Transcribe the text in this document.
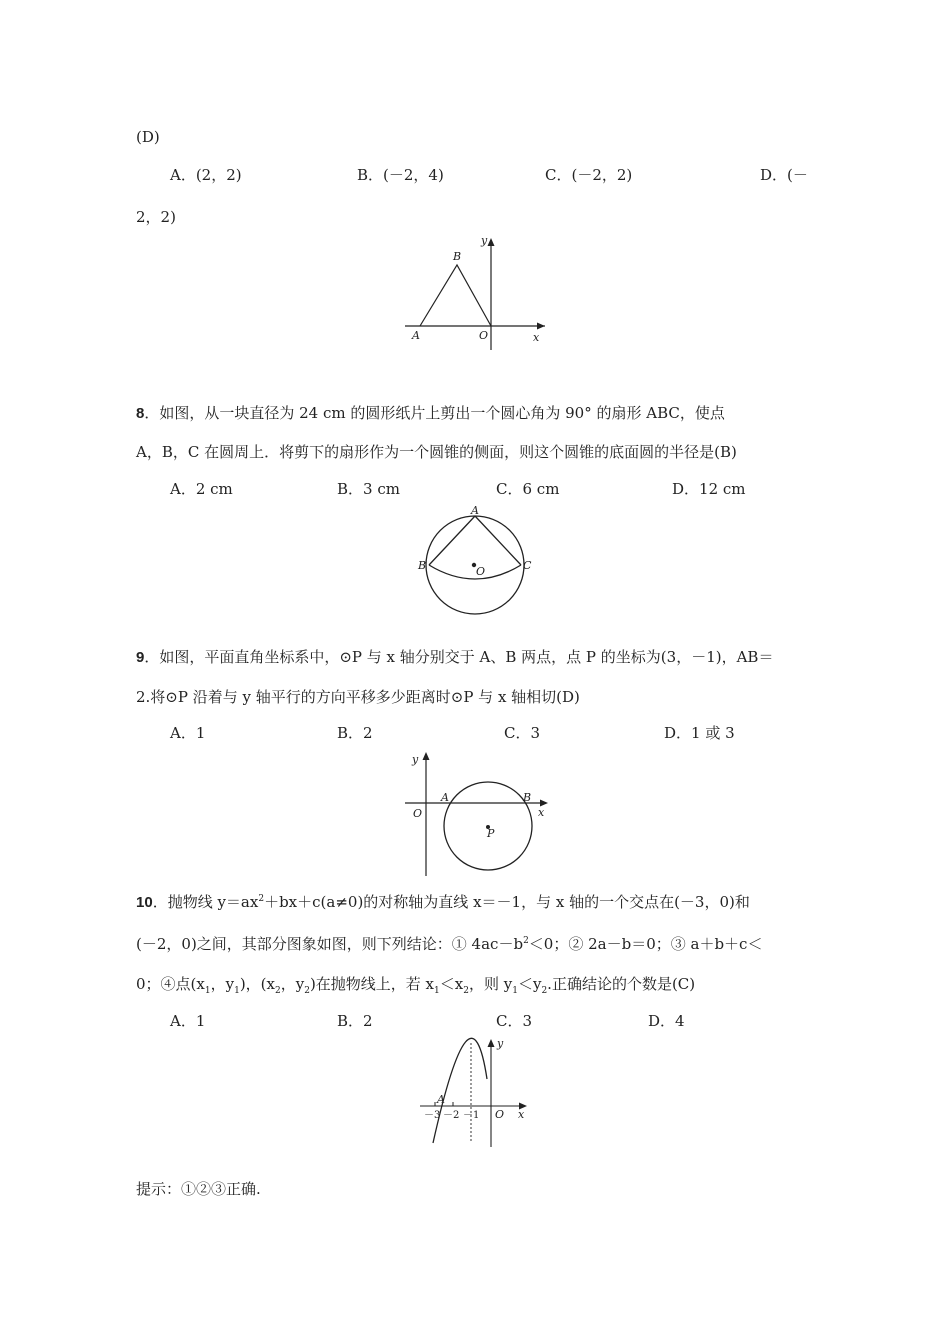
(D)
A．(2，2)	B．(－2，4)	C．(－2，2)	D．(－
2，2)
y
B
A	O	x
8．如图，从一块直径为 24 cm 的圆形纸片上剪出一个圆心角为 90° 的扇形 ABC，使点
A，B，C 在圆周上．将剪下的扇形作为一个圆锥的侧面，则这个圆锥的底面圆的半径是(B)
A．2 cm	B．3 cm	C．6 cm	D．12 cm
A
B	C
O
9．如图，平面直角坐标系中，⊙P 与 x 轴分别交于 A、B 两点，点 P 的坐标为(3，－1)，AB＝
2.将⊙P 沿着与 y 轴平行的方向平移多少距离时⊙P 与 x 轴相切(D)
A．1	B．2	C．3	D．1 或 3
y
O
A	B
x
P
10．抛物线 $y=ax^2+bx+c(a\ne 0)$的对称轴为直线 x＝－1，与 x 轴的一个交点在(－3，0)和
(－2，0)之间，其部分图象如图，则下列结论：① $4ac-b^2<0$；② 2a－b＝0；③ a＋b＋c＜
0；④点($x_1$，$y_1$)，($x_2$，$y_2$)在抛物线上，若 $x_1<x_2$，则 $y_1<y_2$.正确结论的个数是(C)
A．1	B．2	C．3	D．4
y
x
O
－3 －2 －1
A
提示：①②③正确.
